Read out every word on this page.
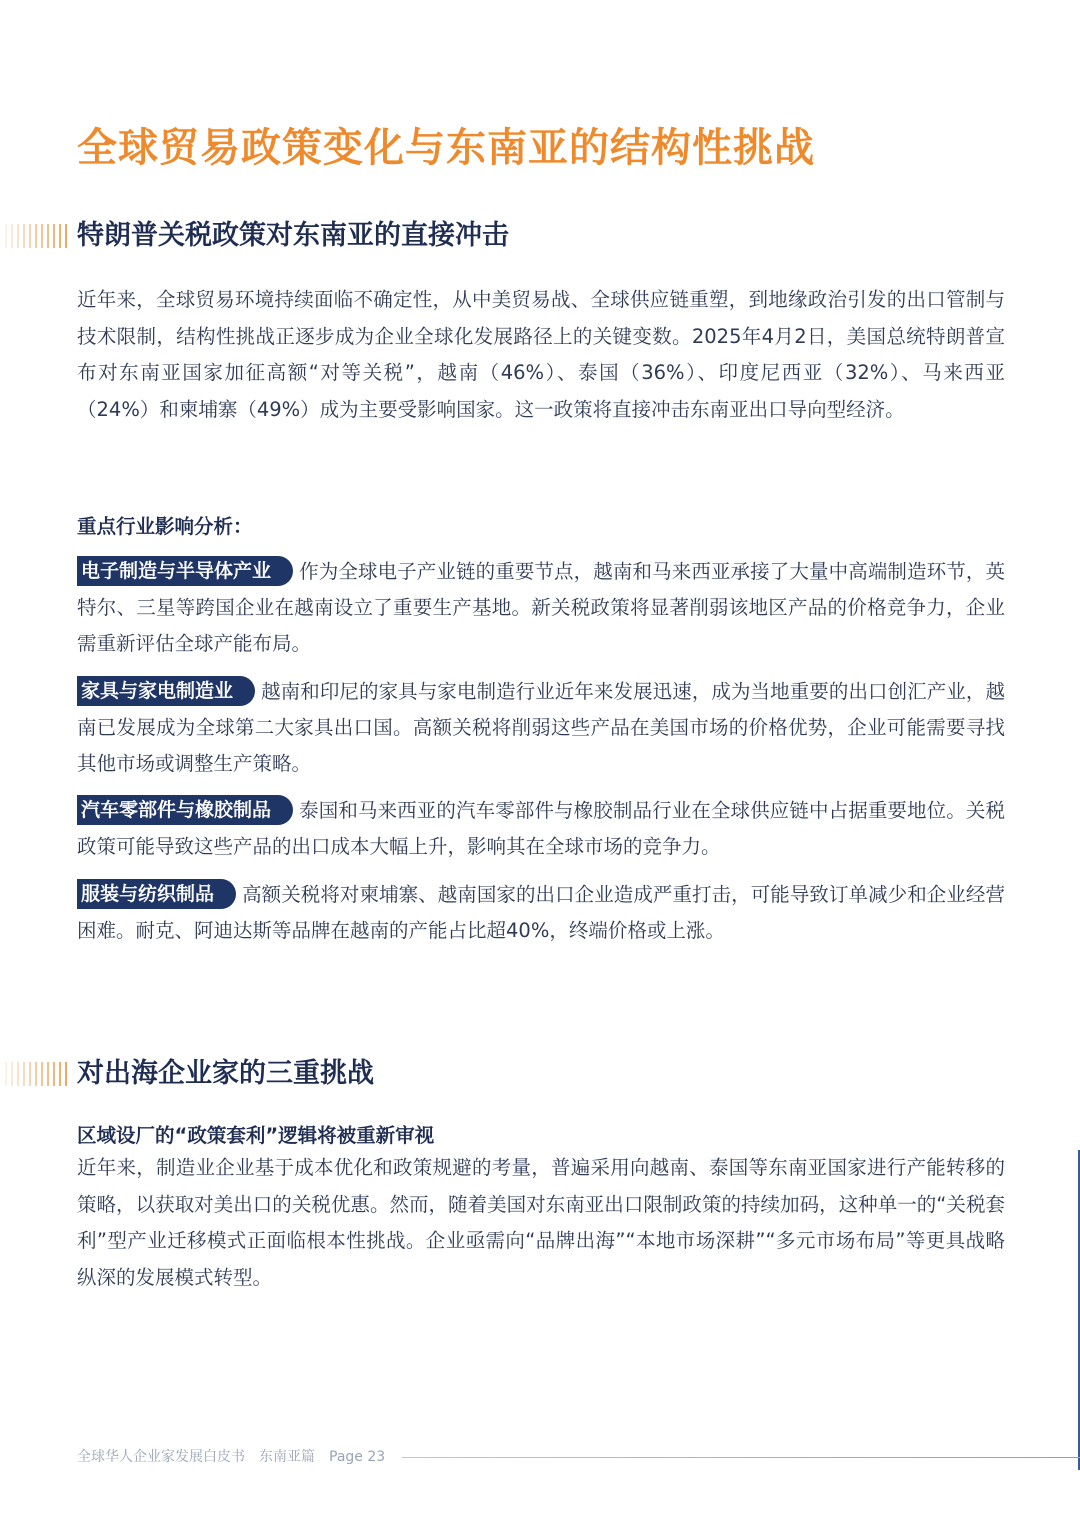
全球贸易政策变化与东南亚的结构性挑战
特朗普关税政策对东南亚的直接冲击

近年来，全球贸易环境持续面临不确定性，从中美贸易战、全球供应链重塑，到地缘政治引发的出口管制与技术限制，结构性挑战正逐步成为企业全球化发展路径上的关键变数。2025年4月2日，美国总统特朗普宣布对东南亚国家加征高额“对等关税”，越南（46%）、泰国（36%）、印度尼西亚（32%）、马来西亚（24%）和柬埔寨（49%）成为主要受影响国家。这一政策将直接冲击东南亚出口导向型经济。

重点行业影响分析：
电子制造与半导体产业 作为全球电子产业链的重要节点，越南和马来西亚承接了大量中高端制造环节，英特尔、三星等跨国企业在越南设立了重要生产基地。新关税政策将显著削弱该地区产品的价格竞争力，企业需重新评估全球产能布局。
家具与家电制造业 越南和印尼的家具与家电制造行业近年来发展迅速，成为当地重要的出口创汇产业，越南已发展成为全球第二大家具出口国。高额关税将削弱这些产品在美国市场的价格优势，企业可能需要寻找其他市场或调整生产策略。
汽车零部件与橡胶制品 泰国和马来西亚的汽车零部件与橡胶制品行业在全球供应链中占据重要地位。关税政策可能导致这些产品的出口成本大幅上升，影响其在全球市场的竞争力。
服装与纺织制品 高额关税将对柬埔寨、越南国家的出口企业造成严重打击，可能导致订单减少和企业经营困难。耐克、阿迪达斯等品牌在越南的产能占比超40%，终端价格或上涨。
对出海企业家的三重挑战
区域设厂的“政策套利”逻辑将被重新审视

近年来，制造业企业基于成本优化和政策规避的考量，普遍采用向越南、泰国等东南亚国家进行产能转移的策略，以获取对美出口的关税优惠。然而，随着美国对东南亚出口限制政策的持续加码，这种单一的“关税套利”型产业迁移模式正面临根本性挑战。企业亟需向“品牌出海”“本地市场深耕”“多元市场布局”等更具战略纵深的发展模式转型。

全球华人企业家发展白皮书 东南亚篇 Page 23
